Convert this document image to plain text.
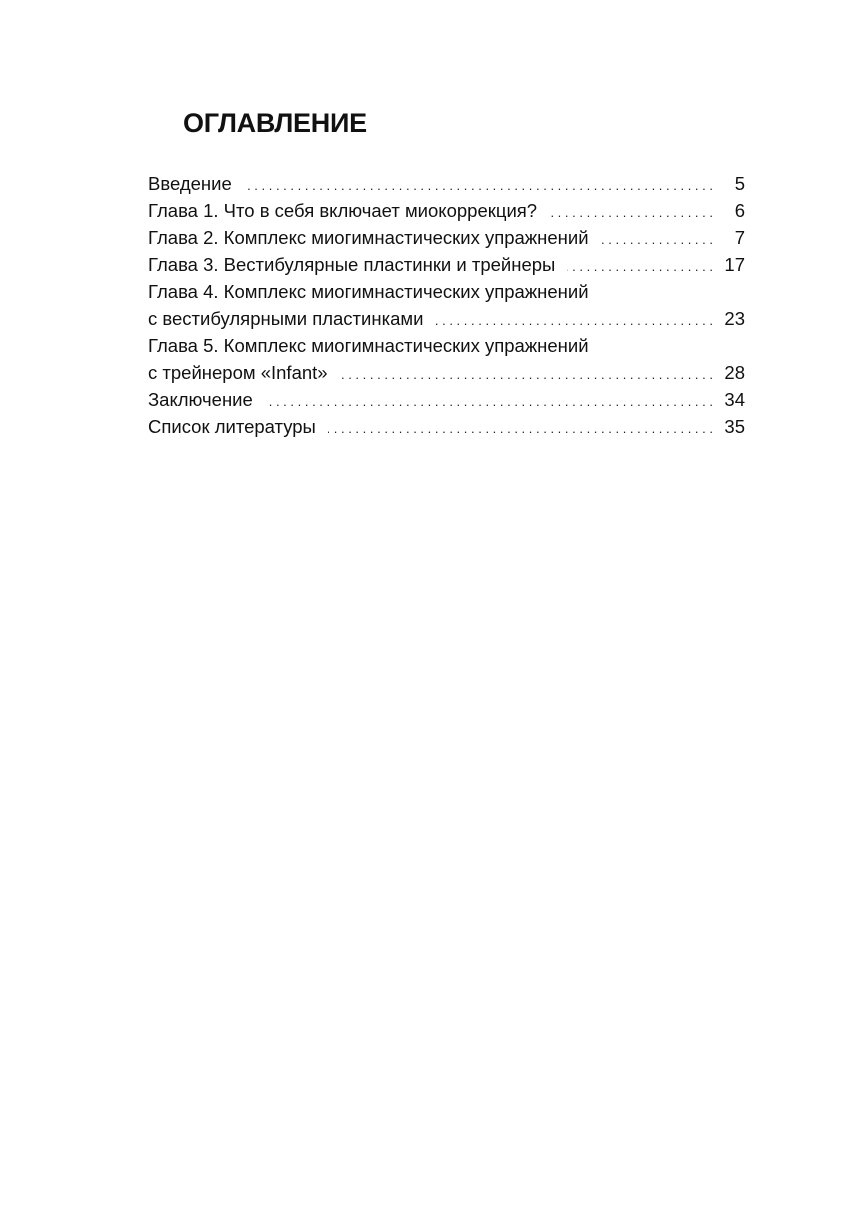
ОГЛАВЛЕНИЕ
Введение . . .	5
Глава 1. Что в себя включает миокоррекция? . . .	6
Глава 2. Комплекс миогимнастических упражнений . . .	7
Глава 3. Вестибулярные пластинки и трейнеры . . .	17
Глава 4. Комплекс миогимнастических упражнений
с вестибулярными пластинками . . .	23
Глава 5. Комплекс миогимнастических упражнений
с трейнером «Infant» . . .	28
Заключение . . .	34
Список литературы . . .	35
